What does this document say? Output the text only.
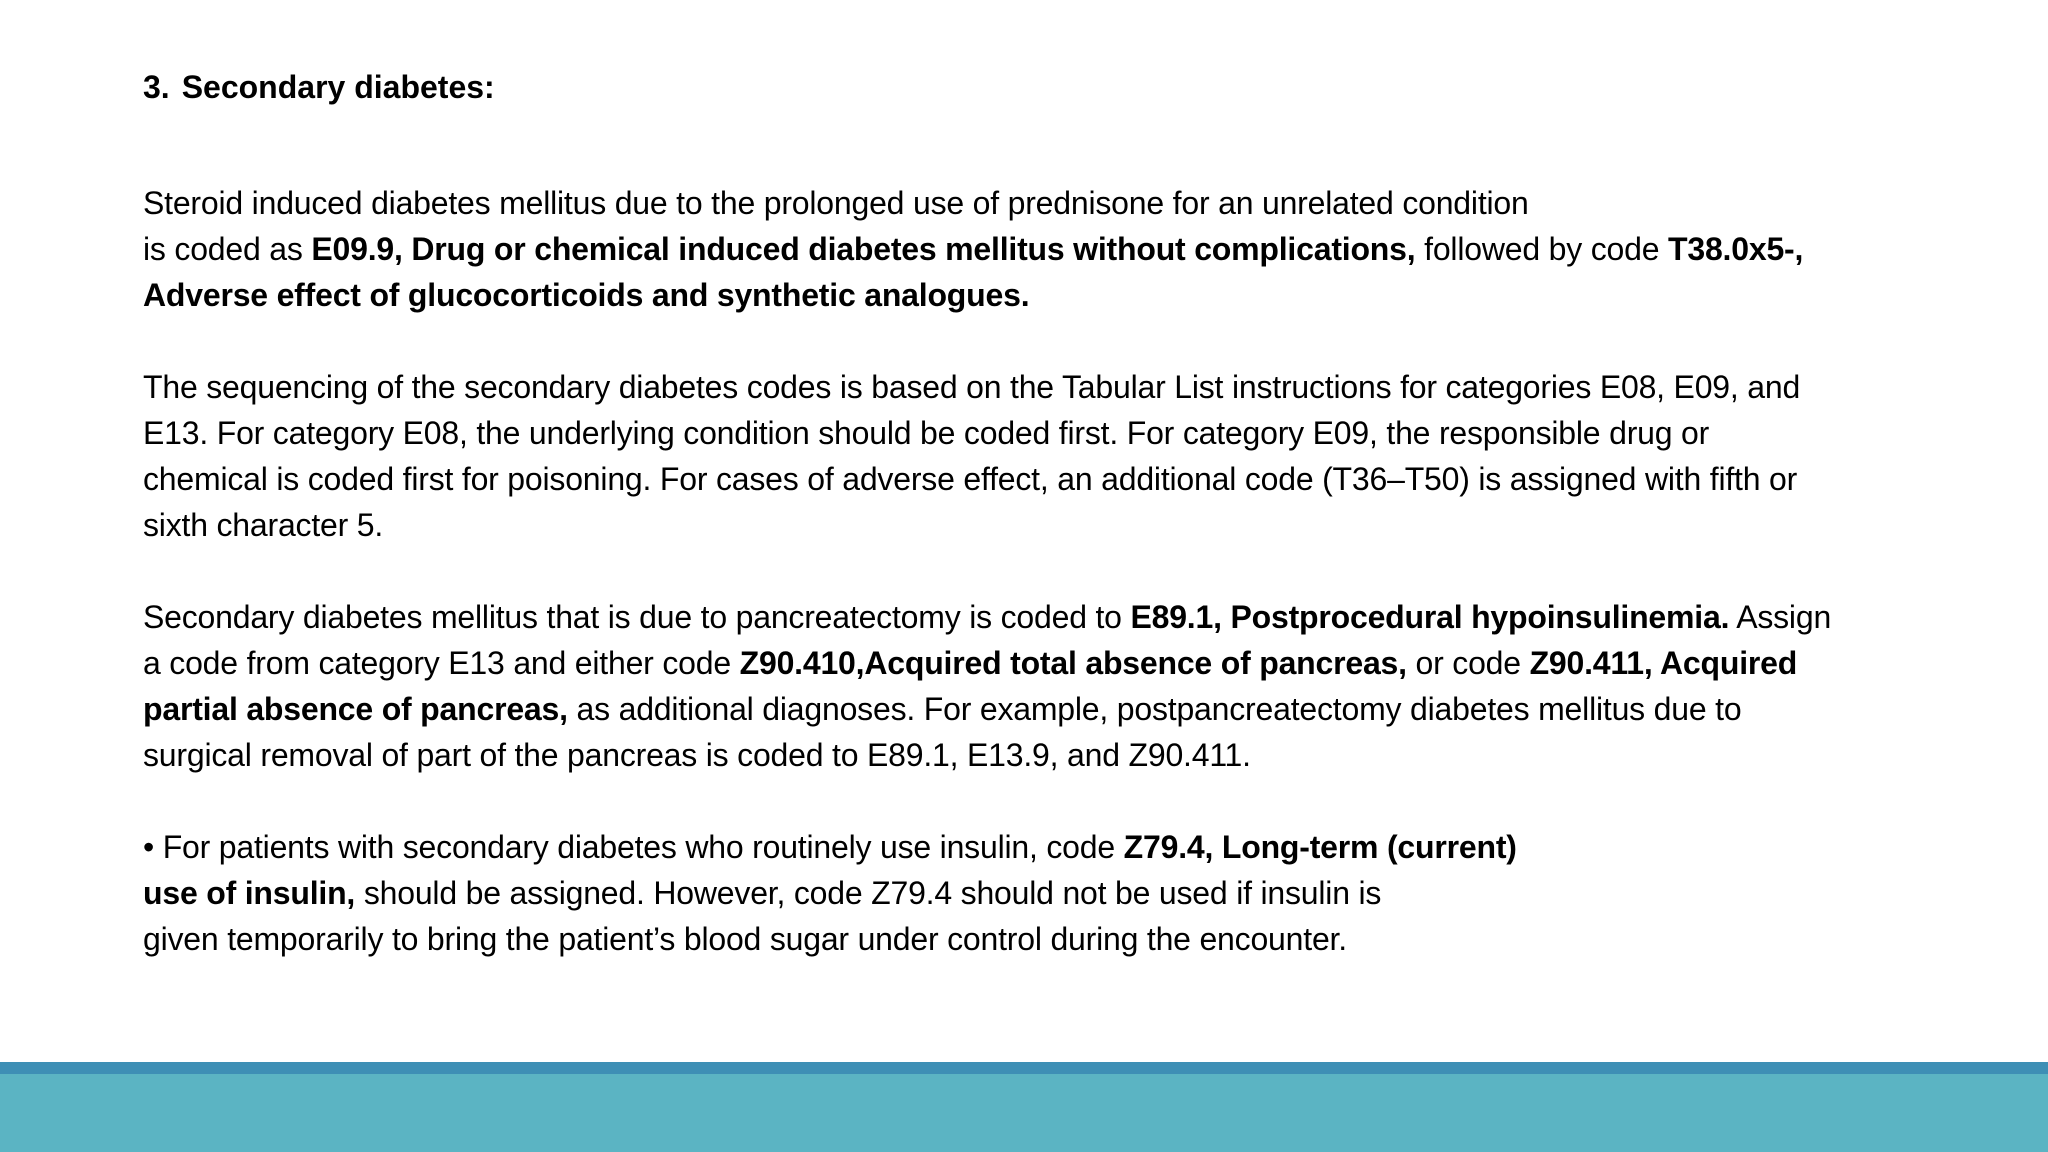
3. Secondary diabetes:

Steroid induced diabetes mellitus due to the prolonged use of prednisone for an unrelated condition
is coded as E09.9, Drug or chemical induced diabetes mellitus without complications, followed by code T38.0x5-,
Adverse effect of glucocorticoids and synthetic analogues.

The sequencing of the secondary diabetes codes is based on the Tabular List instructions for categories E08, E09, and
E13. For category E08, the underlying condition should be coded first. For category E09, the responsible drug or
chemical is coded first for poisoning. For cases of adverse effect, an additional code (T36–T50) is assigned with fifth or
sixth character 5.

Secondary diabetes mellitus that is due to pancreatectomy is coded to E89.1, Postprocedural hypoinsulinemia. Assign
a code from category E13 and either code Z90.410,Acquired total absence of pancreas, or code Z90.411, Acquired
partial absence of pancreas, as additional diagnoses. For example, postpancreatectomy diabetes mellitus due to
surgical removal of part of the pancreas is coded to E89.1, E13.9, and Z90.411.

• For patients with secondary diabetes who routinely use insulin, code Z79.4, Long-term (current)
use of insulin, should be assigned. However, code Z79.4 should not be used if insulin is
given temporarily to bring the patient’s blood sugar under control during the encounter.
